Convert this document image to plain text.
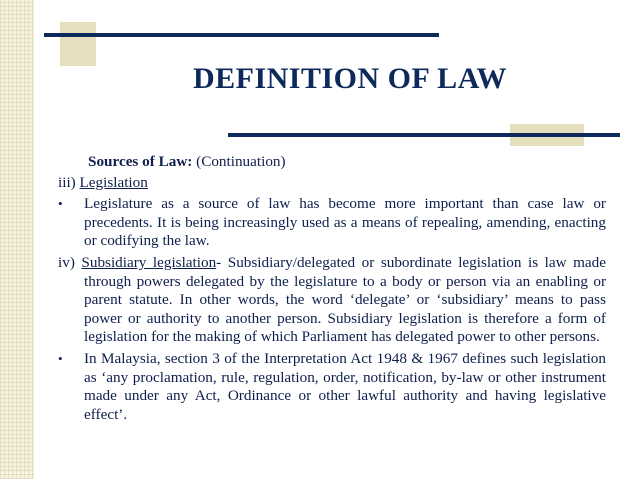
DEFINITION OF LAW

Sources of Law: (Continuation)

iii) Legislation

• Legislature as a source of law has become more important than case law or precedents. It is being increasingly used as a means of repealing, amending, enacting or codifying the law.

iv) Subsidiary legislation- Subsidiary/delegated or subordinate legislation is law made through powers delegated by the legislature to a body or person via an enabling or parent statute. In other words, the word ‘delegate’ or ‘subsidiary’ means to pass power or authority to another person. Subsidiary legislation is therefore a form of legislation for the making of which Parliament has delegated power to other persons.

• In Malaysia, section 3 of the Interpretation Act 1948 & 1967 defines such legislation as ‘any proclamation, rule, regulation, order, notification, by-law or other instrument made under any Act, Ordinance or other lawful authority and having legislative effect’.
